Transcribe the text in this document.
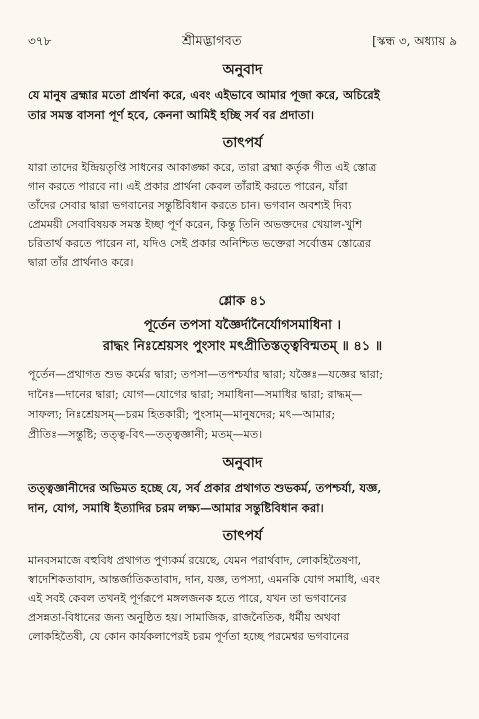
৩৭৮	শ্রীমদ্ভাগবত	[স্কন্ধ ৩, অধ্যায় ৯
অনুবাদ
যে মানুষ ব্রহ্মার মতো প্রার্থনা করে, এবং এইভাবে আমার পূজা করে, অচিরেই
তার সমস্ত বাসনা পূর্ণ হবে, কেননা আমিই হচ্ছি সর্ব বর প্রদাতা।
তাৎপর্য
যারা তাদের ইন্দ্রিয়তৃপ্তি সাধনের আকাঙ্ক্ষা করে, তারা ব্রহ্মা কর্তৃক গীত এই স্তোত্র
গান করতে পারবে না। এই প্রকার প্রার্থনা কেবল তাঁরাই করতে পারেন, যাঁরা
তাঁদের সেবার দ্বারা ভগবানের সন্তুষ্টিবিধান করতে চান। ভগবান অবশ্যই দিব্য
প্রেমময়ী সেবাবিষয়ক সমস্ত ইচ্ছা পূর্ণ করেন, কিন্তু তিনি অভক্তদের খেয়াল-খুশি
চরিতার্থ করতে পারেন না, যদিও সেই প্রকার অনিশ্চিত ভক্তেরা সর্বোত্তম স্তোত্রের
দ্বারা তাঁর প্রার্থনাও করে।
শ্লোক ৪১
পূর্তেন তপসা যজ্ঞৈর্দানৈর্যোগসমাধিনা ।
রাদ্ধং নিঃশ্রেয়সং পুংসাং মৎপ্রীতিস্তত্ত্ববিন্মতম্ ॥ ৪১ ॥
পূর্তেন—প্রথাগত শুভ কর্মের দ্বারা; তপসা—তপশ্চর্যার দ্বারা; যজ্ঞৈঃ—যজ্ঞের দ্বারা;
দানৈঃ—দানের দ্বারা; যোগ—যোগের দ্বারা; সমাধিনা—সমাধির দ্বারা; রাদ্ধম্—
সাফল্য; নিঃশ্রেয়সম্—চরম হিতকারী; পুংসাম্—মানুষদের; মৎ—আমার;
প্রীতিঃ—সন্তুষ্টি; তত্ত্ব-বিৎ—তত্ত্বজ্ঞানী; মতম্—মত।
অনুবাদ
তত্ত্বজ্ঞানীদের অভিমত হচ্ছে যে, সর্ব প্রকার প্রথাগত শুভকর্ম, তপশ্চর্যা, যজ্ঞ,
দান, যোগ, সমাধি ইত্যাদির চরম লক্ষ্য—আমার সন্তুষ্টিবিধান করা।
তাৎপর্য
মানবসমাজে বহুবিধ প্রথাগত পুণ্যকর্ম রয়েছে, যেমন পরার্থবাদ, লোকহিতৈষণা,
স্বাদেশিকতাবাদ, আন্তর্জাতিকতাবাদ, দান, যজ্ঞ, তপস্যা, এমনকি যোগ সমাধি, এবং
এই সবই কেবল তখনই পূর্ণরূপে মঙ্গলজনক হতে পারে, যখন তা ভগবানের
প্রসন্নতা-বিধানের জন্য অনুষ্ঠিত হয়। সামাজিক, রাজনৈতিক, ধর্মীয় অথবা
লোকহিতৈষী, যে কোন কার্যকলাপেরই চরম পূর্ণতা হচ্ছে পরমেশ্বর ভগবানের
